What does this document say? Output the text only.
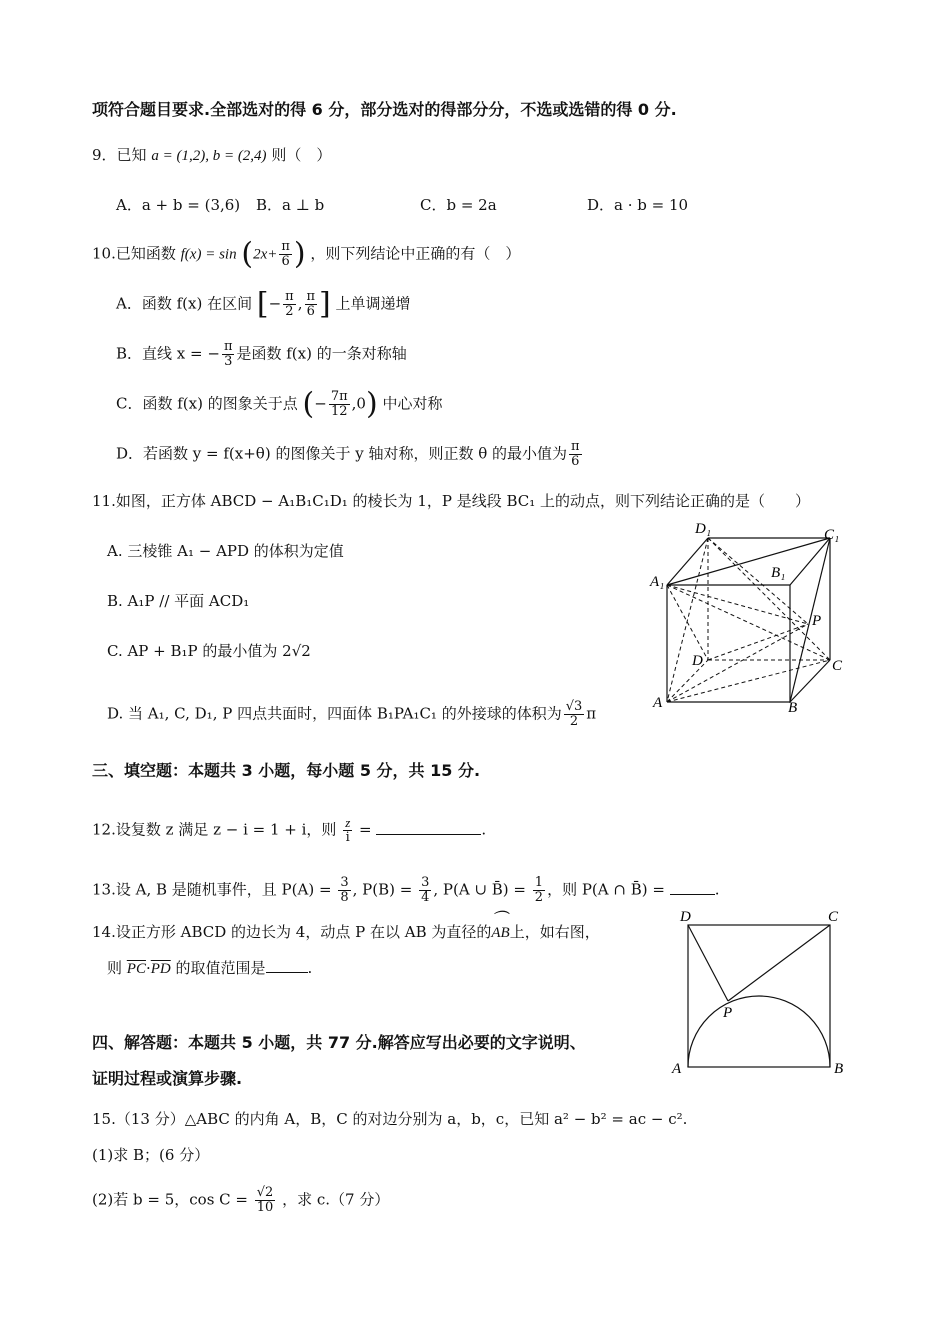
项符合题目要求.全部选对的得 6 分，部分选对的得部分分，不选或选错的得 0 分.
9．已知 a = (1,2), b = (2,4) 则（　）
A．a + b = (3,6) B．a ⊥ b	C．b = 2a	D．a · b = 10
10.已知函数 $f(x) = \sin (2x+ \frac{\pi}{6}$ ) ，则下列结论中正确的有（　）
A．函数 f(x) 在区间 [− $\frac{\pi}{2}$ , $\frac{\pi}{6}$ ] 上单调递增
B．直线 x = − $\frac{\pi}{3}$ 是函数 f(x) 的一条对称轴
C．函数 f(x) 的图象关于点 (− $\frac{7\pi}{12} ,0$) 中心对称
D．若函数 y = f(x+θ) 的图像关于 y 轴对称，则正数 θ 的最小值为 $\frac{\pi}{6}$
11.如图，正方体 ABCD − A₁B₁C₁D₁ 的棱长为 1，P 是线段 BC₁ 上的动点，则下列结论正确的是（　　）
A. 三棱锥 A₁ − APD 的体积为定值
B. A₁P // 平面 ACD₁
C. AP + B₁P 的最小值为 2√2
D. 当 A₁, C, D₁, P 四点共面时，四面体 B₁PA₁C₁ 的外接球的体积为 $\frac{√3}{2}$ π
D₁	C₁
A₁
B₁
P
D	C
A	B
三、填空题：本题共 3 小题，每小题 5 分，共 15 分.
12.设复数 z 满足 z − i = 1 + i，则 $\frac{z}{i}$ =	.
13.设 A, B 是随机事件，且 $P(A) = \frac{3}{8}$ , $P(B) = \frac{3}{4}$ , P(A ∪ B̄) = $\frac{1}{2}$ ，则 P(A ∩ B̄) =	.
14.设正方形 ABCD 的边长为 4，动点 P 在以 AB 为直径的⏜ AB上，如右图，
则 $\overline{PC}\cdot\overline{PD}$ 的取值范围是	.
D	C
P
A	B
四、解答题：本题共 5 小题，共 77 分.解答应写出必要的文字说明、
证明过程或演算步骤.
15.（13 分）△ABC 的内角 A，B，C 的对边分别为 a，b，c，已知 a² − b² = ac − c².
(1)求 B；(6 分）
(2)若 b = 5，$\cos C = \frac{√2}{10}$ ，求 c.（7 分）
